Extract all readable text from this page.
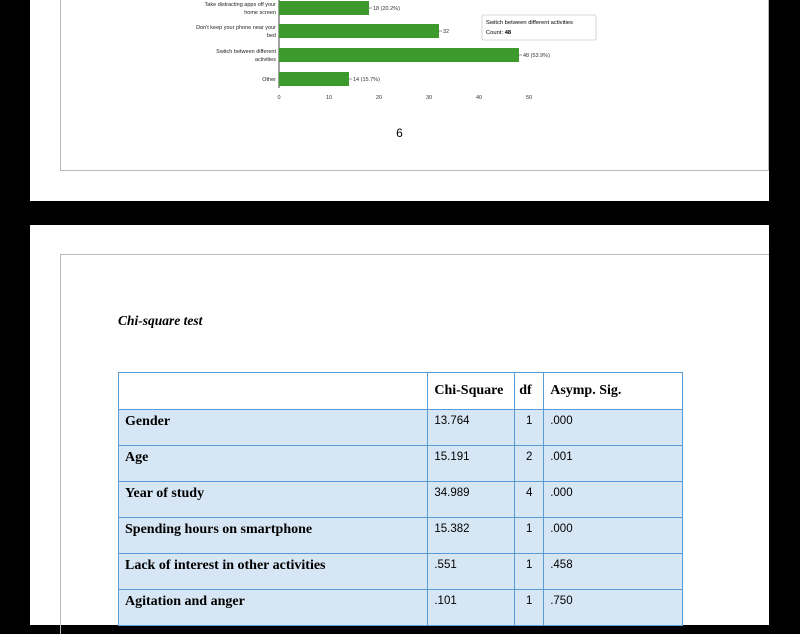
Take distracting apps off your
home screen
18 (20.2%)
Don't keep your phone near your
bed
32
Switch between different
activities
48 (53.9%)
Other	14 (15.7%)
0	10	20	30	40	50
Switch between different activities
Count: 48
6
Chi-square test
	Chi-Square	df	Asymp. Sig.
Gender	13.764	1	.000
Age	15.191	2	.001
Year of study	34.989	4	.000
Spending hours on smartphone	15.382	1	.000
Lack of interest in other activities	.551	1	.458
Agitation and anger	.101	1	.750
